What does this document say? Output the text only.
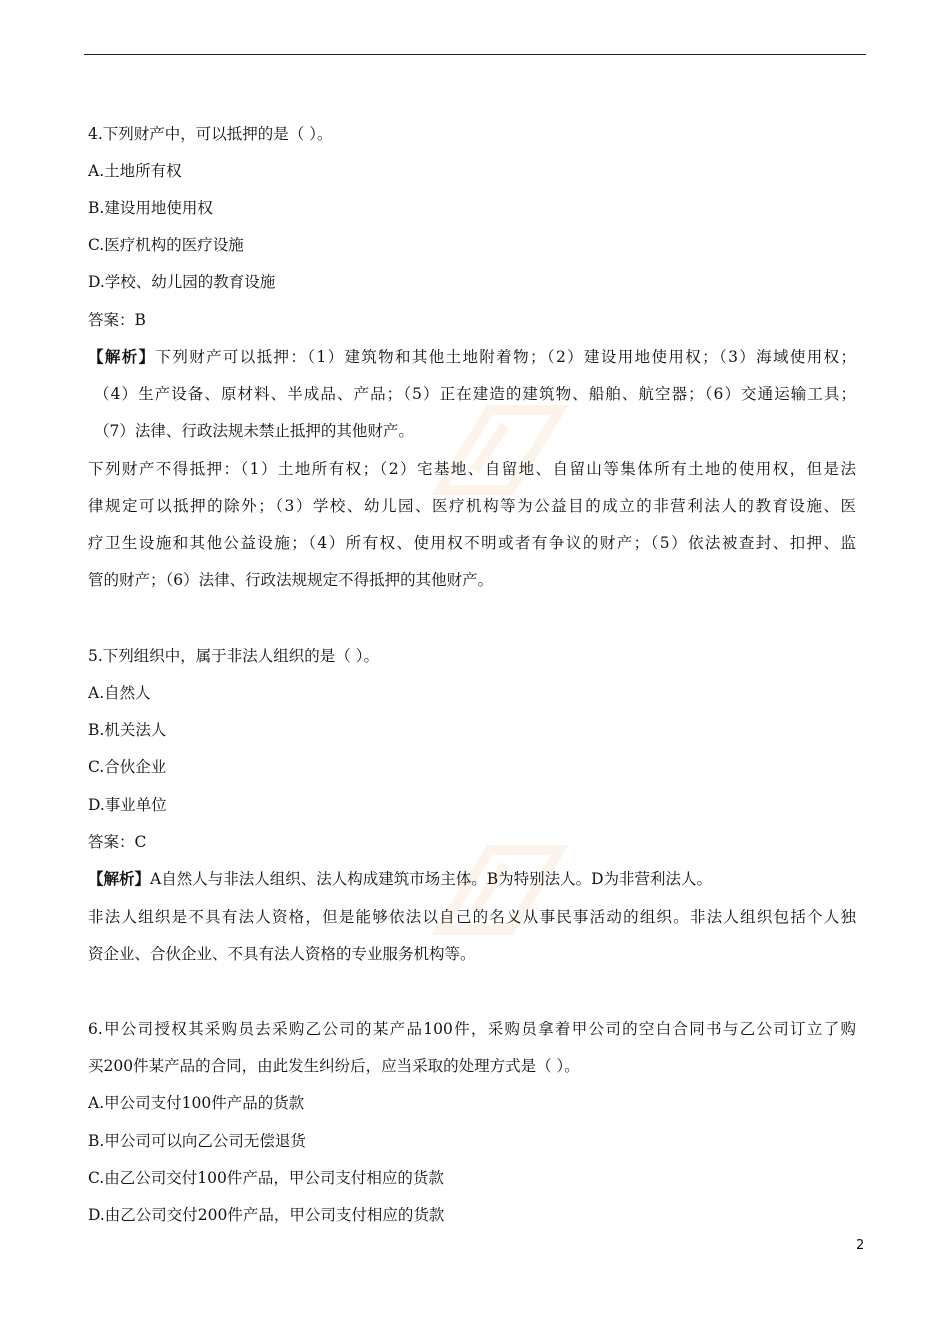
4.下列财产中，可以抵押的是（ ）。
A.土地所有权
B.建设用地使用权
C.医疗机构的医疗设施
D.学校、幼儿园的教育设施
答案：B
【解析】下列财产可以抵押：（1）建筑物和其他土地附着物；（2）建设用地使用权；（3）海域使用权；
（4）生产设备、原材料、半成品、产品；（5）正在建造的建筑物、船舶、航空器；（6）交通运输工具；
（7）法律、行政法规未禁止抵押的其他财产。
下列财产不得抵押：（1）土地所有权；（2）宅基地、自留地、自留山等集体所有土地的使用权，但是法
律规定可以抵押的除外；（3）学校、幼儿园、医疗机构等为公益目的成立的非营利法人的教育设施、医
疗卫生设施和其他公益设施；（4）所有权、使用权不明或者有争议的财产；（5）依法被查封、扣押、监
管的财产；（6）法律、行政法规规定不得抵押的其他财产。
5.下列组织中，属于非法人组织的是（ ）。
A.自然人
B.机关法人
C.合伙企业
D.事业单位
答案：C
【解析】A自然人与非法人组织、法人构成建筑市场主体。B为特别法人。D为非营利法人。
非法人组织是不具有法人资格，但是能够依法以自己的名义从事民事活动的组织。非法人组织包括个人独
资企业、合伙企业、不具有法人资格的专业服务机构等。
6.甲公司授权其采购员去采购乙公司的某产品100件，采购员拿着甲公司的空白合同书与乙公司订立了购
买200件某产品的合同，由此发生纠纷后，应当采取的处理方式是（ ）。
A.甲公司支付100件产品的货款
B.甲公司可以向乙公司无偿退货
C.由乙公司交付100件产品，甲公司支付相应的货款
D.由乙公司交付200件产品，甲公司支付相应的货款
2
